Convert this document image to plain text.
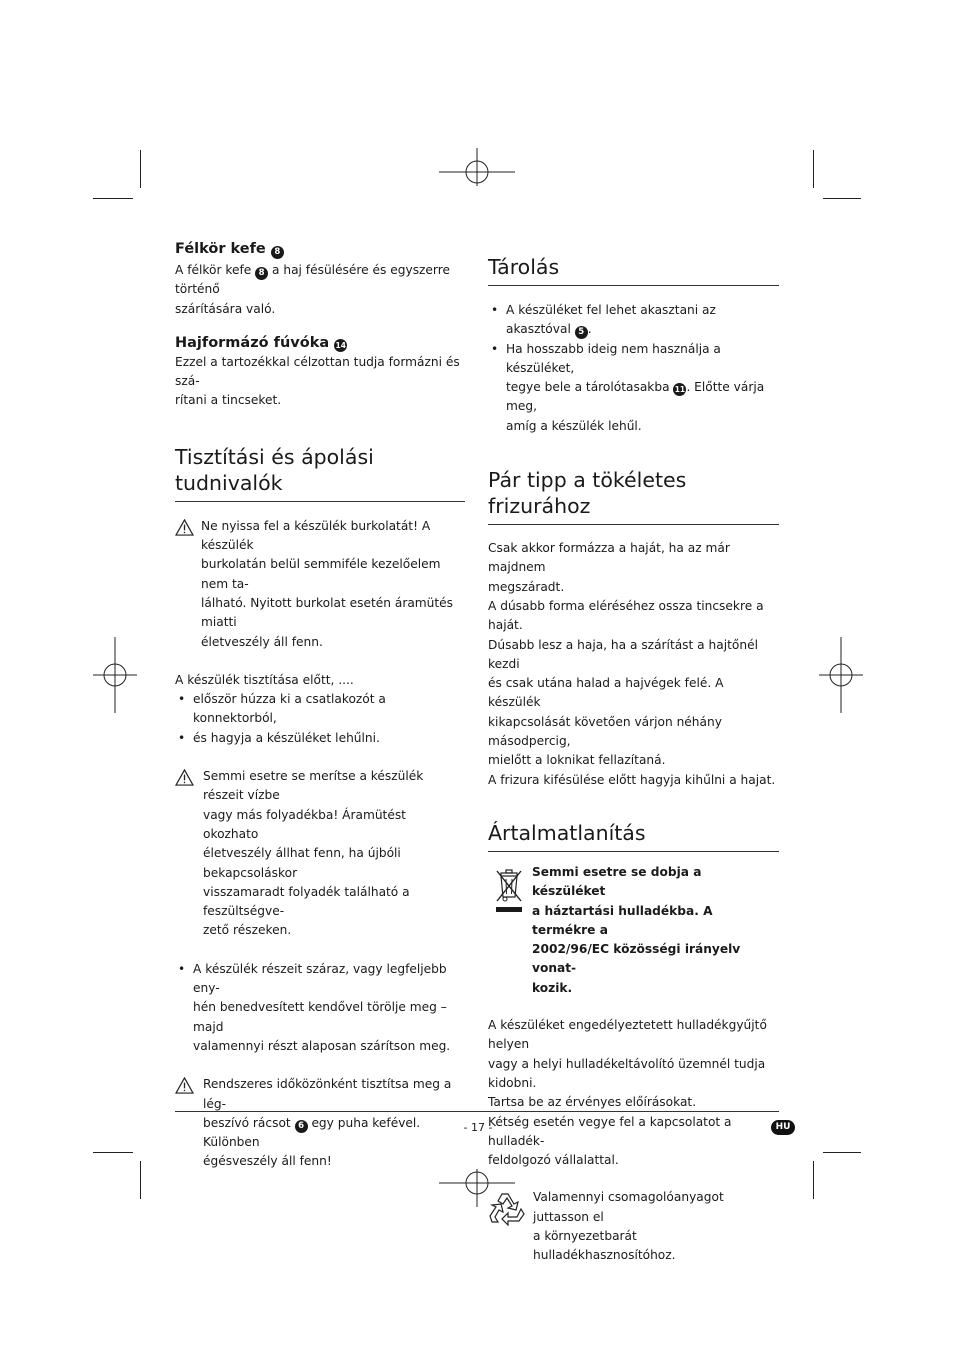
Félkör kefe 8

A félkör kefe 8 a haj fésülésére és egyszerre történő

szárítására való.

Hajformázó fúvóka 14

Ezzel a tartozékkal célzottan tudja formázni és szá-

rítani a tincseket.

Tisztítási és ápolási tudnivalók

Ne nyissa fel a készülék burkolatát! A készülék

burkolatán belül semmiféle kezelőelem nem ta-

lálható. Nyitott burkolat esetén áramütés miatti

életveszély áll fenn.

A készülék tisztítása előtt, ....

• először húzza ki a csatlakozót a konnektorból,
• és hagyja a készüléket lehűlni.

Semmi esetre se merítse a készülék részeit vízbe

vagy más folyadékba! Áramütést okozhato

életveszély állhat fenn, ha újbóli bekapcsoláskor

visszamaradt folyadék található a feszültségve-

zető részeken.

• A készülék részeit száraz, vagy legfeljebb eny-
hén benedvesített kendővel törölje meg – majd
valamennyi részt alaposan szárítson meg.

Rendszeres időközönként tisztítsa meg a lég-

beszívó rácsot 6 egy puha kefével. Különben

égésveszély áll fenn!

Tárolás
• A készüléket fel lehet akasztani az akasztóval 5 .
• Ha hosszabb ideig nem használja a készüléket,
tegye bele a tárolótasakba 11. Előtte várja meg,
amíg a készülék lehűl.
Pár tipp a tökéletes frizurához

Csak akkor formázza a haját, ha az már majdnem

megszáradt.

A dúsabb forma eléréséhez ossza tincsekre a haját.

Dúsabb lesz a haja, ha a szárítást a hajtőnél kezdi

és csak utána halad a hajvégek felé. A készülék

kikapcsolását követően várjon néhány másodpercig,

mielőtt a loknikat fellazítaná.

A frizura kifésülése előtt hagyja kihűlni a hajat.

Ártalmatlanítás

Semmi esetre se dobja a készüléket

a háztartási hulladékba. A termékre a

2002/96/EC közösségi irányelv vonat-

kozik.

A készüléket engedélyeztetett hulladékgyűjtő helyen

vagy a helyi hulladékeltávolító üzemnél tudja kidobni.

Tartsa be az érvényes előírásokat.

Kétség esetén vegye fel a kapcsolatot a hulladék-

feldolgozó vállalattal.

Valamennyi csomagolóanyagot juttasson el

a környezetbarát hulladékhasznosítóhoz.

- 17 -	HU
